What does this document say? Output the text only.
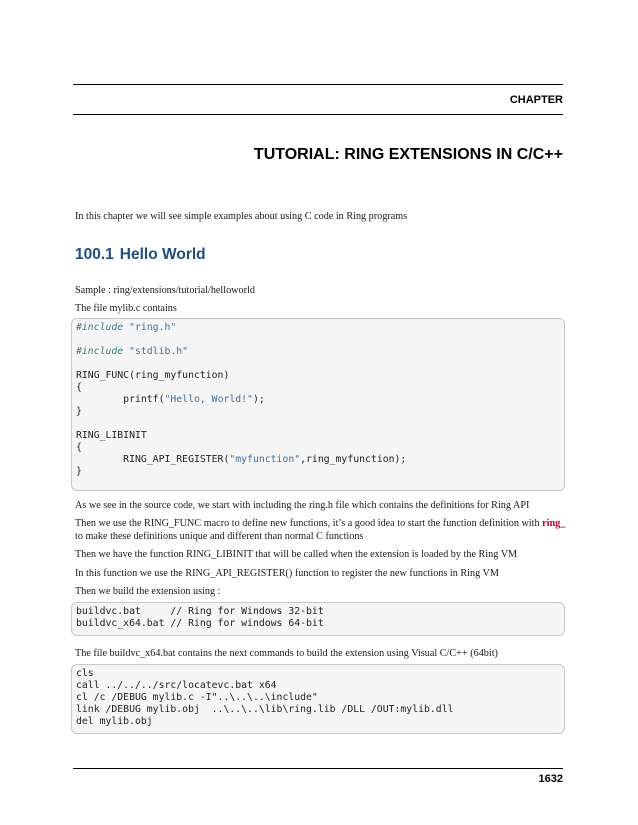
CHAPTER
TUTORIAL: RING EXTENSIONS IN C/C++
In this chapter we will see simple examples about using C code in Ring programs
100.1 Hello World
Sample : ring/extensions/tutorial/helloworld
The file mylib.c contains
#include "ring.h"
#include "stdlib.h"
RING_FUNC(ring_myfunction)
{
printf("Hello, World!");
}
RING_LIBINIT
{
RING_API_REGISTER("myfunction",ring_myfunction);
}
As we see in the source code, we start with including the ring.h file which contains the definitions for Ring API
Then we use the RING_FUNC macro to define new functions, it’s a good idea to start the function definition with ring_
to make these definitions unique and different than normal C functions
Then we have the function RING_LIBINIT that will be called when the extension is loaded by the Ring VM
In this function we use the RING_API_REGISTER() function to register the new functions in Ring VM
Then we build the extension using :
buildvc.bat     // Ring for Windows 32-bit
buildvc_x64.bat // Ring for windows 64-bit
The file buildvc_x64.bat contains the next commands to build the extension using Visual C/C++ (64bit)
cls
call ../../../src/locatevc.bat x64
cl /c /DEBUG mylib.c -I"..\..\..\include"
link /DEBUG mylib.obj  ..\..\..\lib\ring.lib /DLL /OUT:mylib.dll
del mylib.obj
1632
